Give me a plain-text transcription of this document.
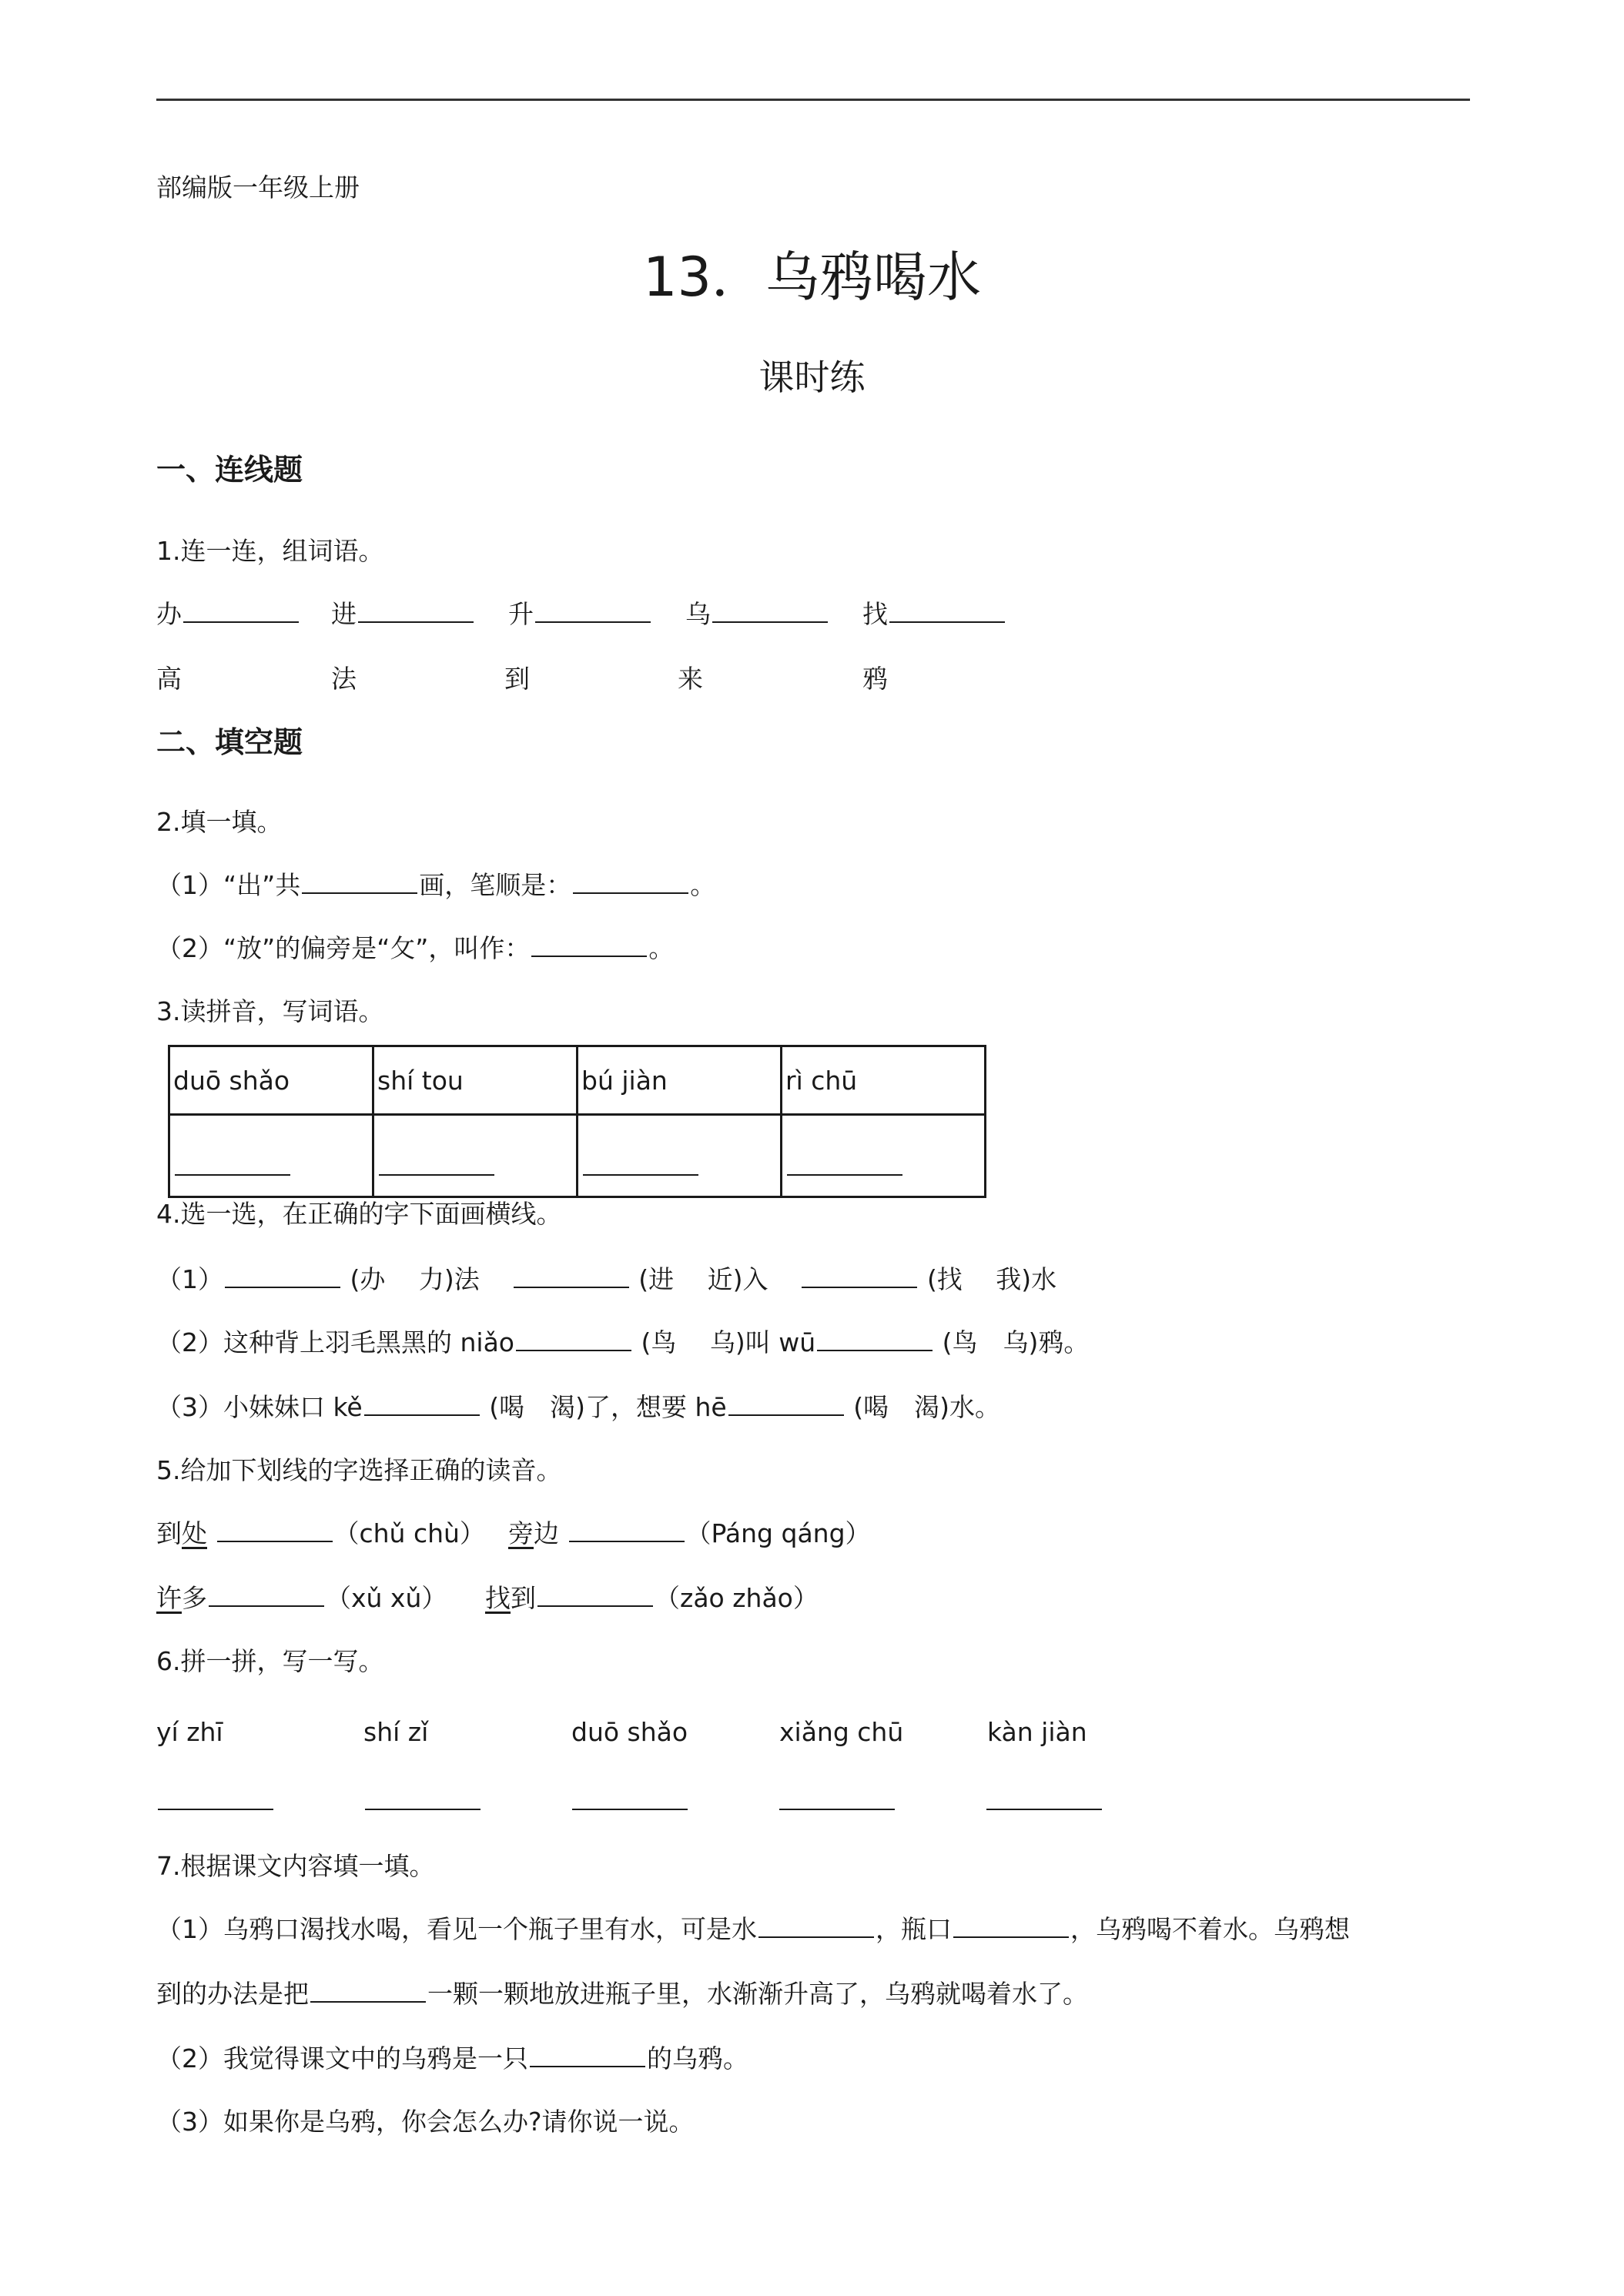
部编版一年级上册
13．乌鸦喝水
课时练
一、连线题
1.连一连，组词语。
办	进	升	乌	找
高	法	到	来	鸦
二、填空题
2.填一填。
（1）“出”共	画，笔顺是：	。
（2）“放”的偏旁是“攵”，叫作：	。
3.读拼音，写词语。
duō shǎo	shí tou	bú jiàn	rì chū

4.选一选，在正确的字下面画横线。
（1）	(办　 力)法	(进　 近)入	(找　 我)水
（2）这种背上羽毛黑黑的 niǎo	(鸟　 乌)叫 wū	(鸟　乌)鸦。
（3）小妹妹口 kě	(喝　渴)了，想要 hē	(喝　渴)水。
5.给加下划线的字选择正确的读音。
到处	（chǔ chù） 旁边	（Páng qáng）
许多	（xǔ xǔ） 找到	（zǎo zhǎo）
6.拼一拼，写一写。
yí zhī	shí zǐ	duō shǎo	xiǎng chū	kàn jiàn
7.根据课文内容填一填。
（1）乌鸦口渴找水喝，看见一个瓶子里有水，可是水	，瓶口	，乌鸦喝不着水。乌鸦想
到的办法是把	一颗一颗地放进瓶子里，水渐渐升高了，乌鸦就喝着水了。
（2）我觉得课文中的乌鸦是一只	的乌鸦。
（3）如果你是乌鸦，你会怎么办?请你说一说。
